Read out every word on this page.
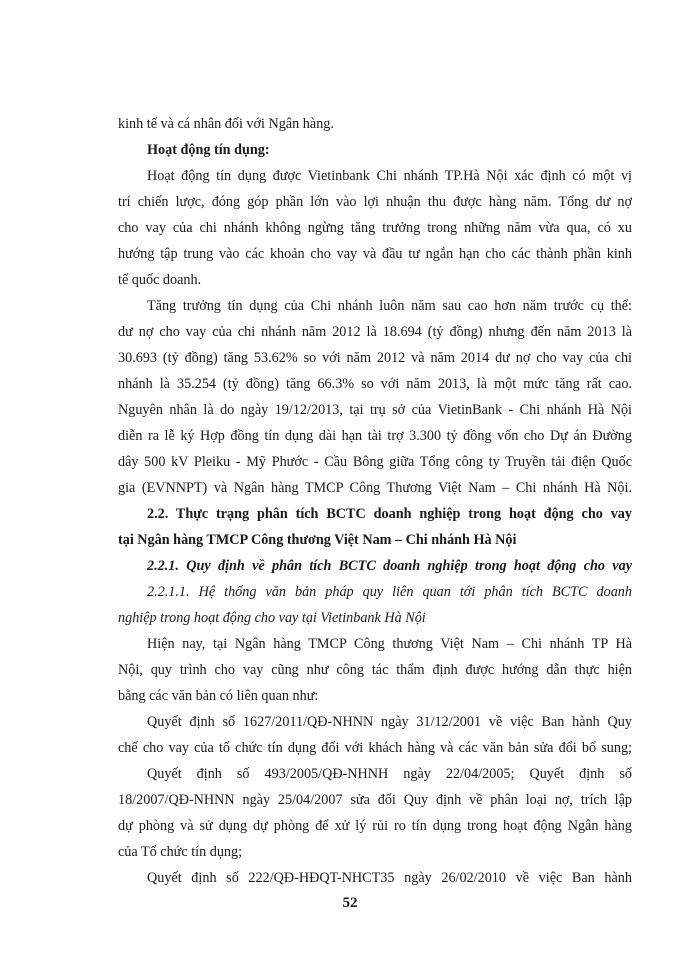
kinh tế và cá nhân đối với Ngân hàng.
Hoạt động tín dụng:
Hoạt động tín dụng được Vietinbank Chi nhánh TP.Hà Nội xác định có một vị
trí chiến lược, đóng góp phần lớn vào lợi nhuận thu được hàng năm. Tổng dư nợ
cho vay của chi nhánh không ngừng tăng trưởng trong những năm vừa qua, có xu
hướng tập trung vào các khoản cho vay và đầu tư ngắn hạn cho các thành phần kinh
tế quốc doanh.
Tăng trưởng tín dụng của Chi nhánh luôn năm sau cao hơn năm trước cụ thể:
dư nợ cho vay của chi nhánh năm 2012 là 18.694 (tỷ đồng) nhưng đến năm 2013 là
30.693 (tỷ đồng) tăng 53.62% so với năm 2012 và năm 2014 dư nợ cho vay của chi
nhánh là 35.254 (tỷ đồng) tăng 66.3% so với năm 2013, là một mức tăng rất cao.
Nguyên nhân là do ngày 19/12/2013, tại trụ sở của VietinBank - Chi nhánh Hà Nội
diễn ra lễ ký Hợp đồng tín dụng dài hạn tài trợ 3.300 tỷ đồng vốn cho Dự án Đường
dây 500 kV Pleiku - Mỹ Phước - Cầu Bông giữa Tổng công ty Truyền tải điện Quốc
gia (EVNNPT) và Ngân hàng TMCP Công Thương Việt Nam – Chi nhánh Hà Nội.
2.2. Thực trạng phân tích BCTC doanh nghiệp trong hoạt động cho vay
tại Ngân hàng TMCP Công thương Việt Nam – Chi nhánh Hà Nội
2.2.1. Quy định về phân tích BCTC doanh nghiệp trong hoạt động cho vay
2.2.1.1. Hệ thống văn bản pháp quy liên quan tới phân tích BCTC doanh
nghiệp trong hoạt động cho vay tại Vietinbank Hà Nội
Hiện nay, tại Ngân hàng TMCP Công thương Việt Nam – Chi nhánh TP Hà
Nội, quy trình cho vay cũng như công tác thẩm định được hướng dẫn thực hiện
bằng các văn bản có liên quan như:
Quyết định số 1627/2011/QĐ-NHNN ngày 31/12/2001 về việc Ban hành Quy
chế cho vay của tổ chức tín dụng đối với khách hàng và các văn bản sửa đổi bổ sung;
Quyết định số 493/2005/QĐ-NHNH ngày 22/04/2005; Quyết định số
18/2007/QĐ-NHNN ngày 25/04/2007 sửa đổi Quy định về phân loại nợ, trích lập
dự phòng và sử dụng dự phòng để xử lý rủi ro tín dụng trong hoạt động Ngân hàng
của Tổ chức tín dụng;
Quyết định số 222/QĐ-HĐQT-NHCT35 ngày 26/02/2010 về việc Ban hành
52
